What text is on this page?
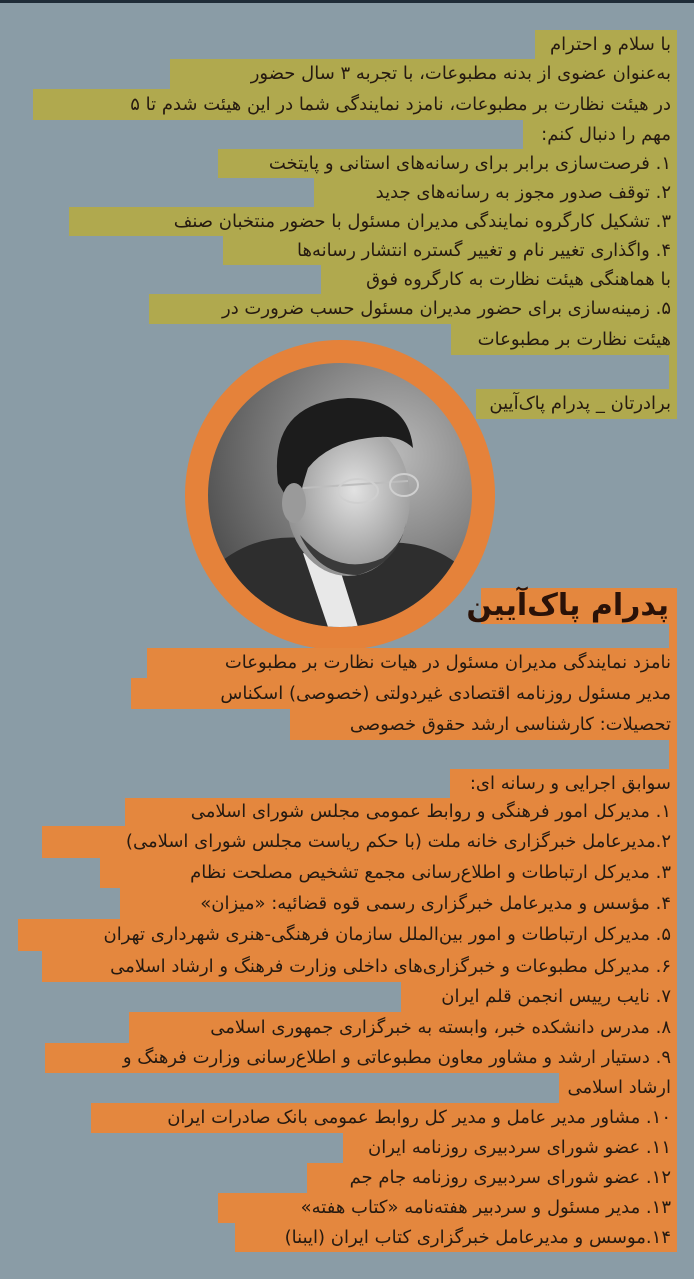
با سلام و احترام
به‌عنوان عضوی از بدنه مطبوعات، با تجربه ۳ سال حضور
در هیئت نظارت بر مطبوعات، نامزد نمایندگی شما در این هیئت شدم تا ۵
مهم را دنبال کنم:
۱. فرصت‌سازی برابر برای رسانه‌های استانی و پایتخت
۲. توقف صدور مجوز به رسانه‌های جدید
۳. تشکیل کارگروه نمایندگی مدیران مسئول با حضور منتخبان صنف
۴. واگذاری تغییر نام و تغییر گستره انتشار رسانه‌ها
با هماهنگی هیئت نظارت به کارگروه فوق
۵. زمینه‌سازی برای حضور مدیران مسئول حسب ضرورت در
هیئت نظارت بر مطبوعات
برادرتان _ پدرام پاک‌آیین
پدرام پاک‌آیین
نامزد نمایندگی مدیران مسئول در هیات نظارت بر مطبوعات
مدیر مسئول روزنامه اقتصادی غیردولتی (خصوصی) اسکناس
تحصیلات: کارشناسی ارشد حقوق خصوصی
سوابق اجرایی و رسانه ای:
۱. مدیرکل امور فرهنگی و روابط عمومی مجلس شورای اسلامی
۲.مدیرعامل خبرگزاری خانه ملت (با حکم ریاست مجلس شورای اسلامی)
۳. مدیرکل ارتباطات و اطلاع‌رسانی مجمع تشخیص مصلحت نظام
۴. مؤسس و مدیرعامل خبرگزاری رسمی قوه قضائیه: «میزان»
۵. مدیرکل ارتباطات و امور بین‌الملل سازمان فرهنگی-هنری شهرداری تهران
۶. مدیرکل مطبوعات و خبرگزاری‌های داخلی وزارت فرهنگ و ارشاد اسلامی
۷. نایب رییس انجمن قلم ایران
۸. مدرس دانشکده خبر، وابسته به خبرگزاری جمهوری اسلامی
۹. دستیار ارشد و مشاور معاون مطبوعاتی و اطلاع‌رسانی وزارت فرهنگ و
ارشاد اسلامی
۱۰. مشاور مدیر عامل و مدیر کل روابط عمومی بانک صادرات ایران
۱۱. عضو شورای سردبیری روزنامه ایران
۱۲. عضو شورای سردبیری روزنامه جام جم
۱۳. مدیر مسئول و سردبیر هفته‌نامه «کتاب هفته»
۱۴.موسس و مدیرعامل خبرگزاری کتاب ایران (ایبنا)
